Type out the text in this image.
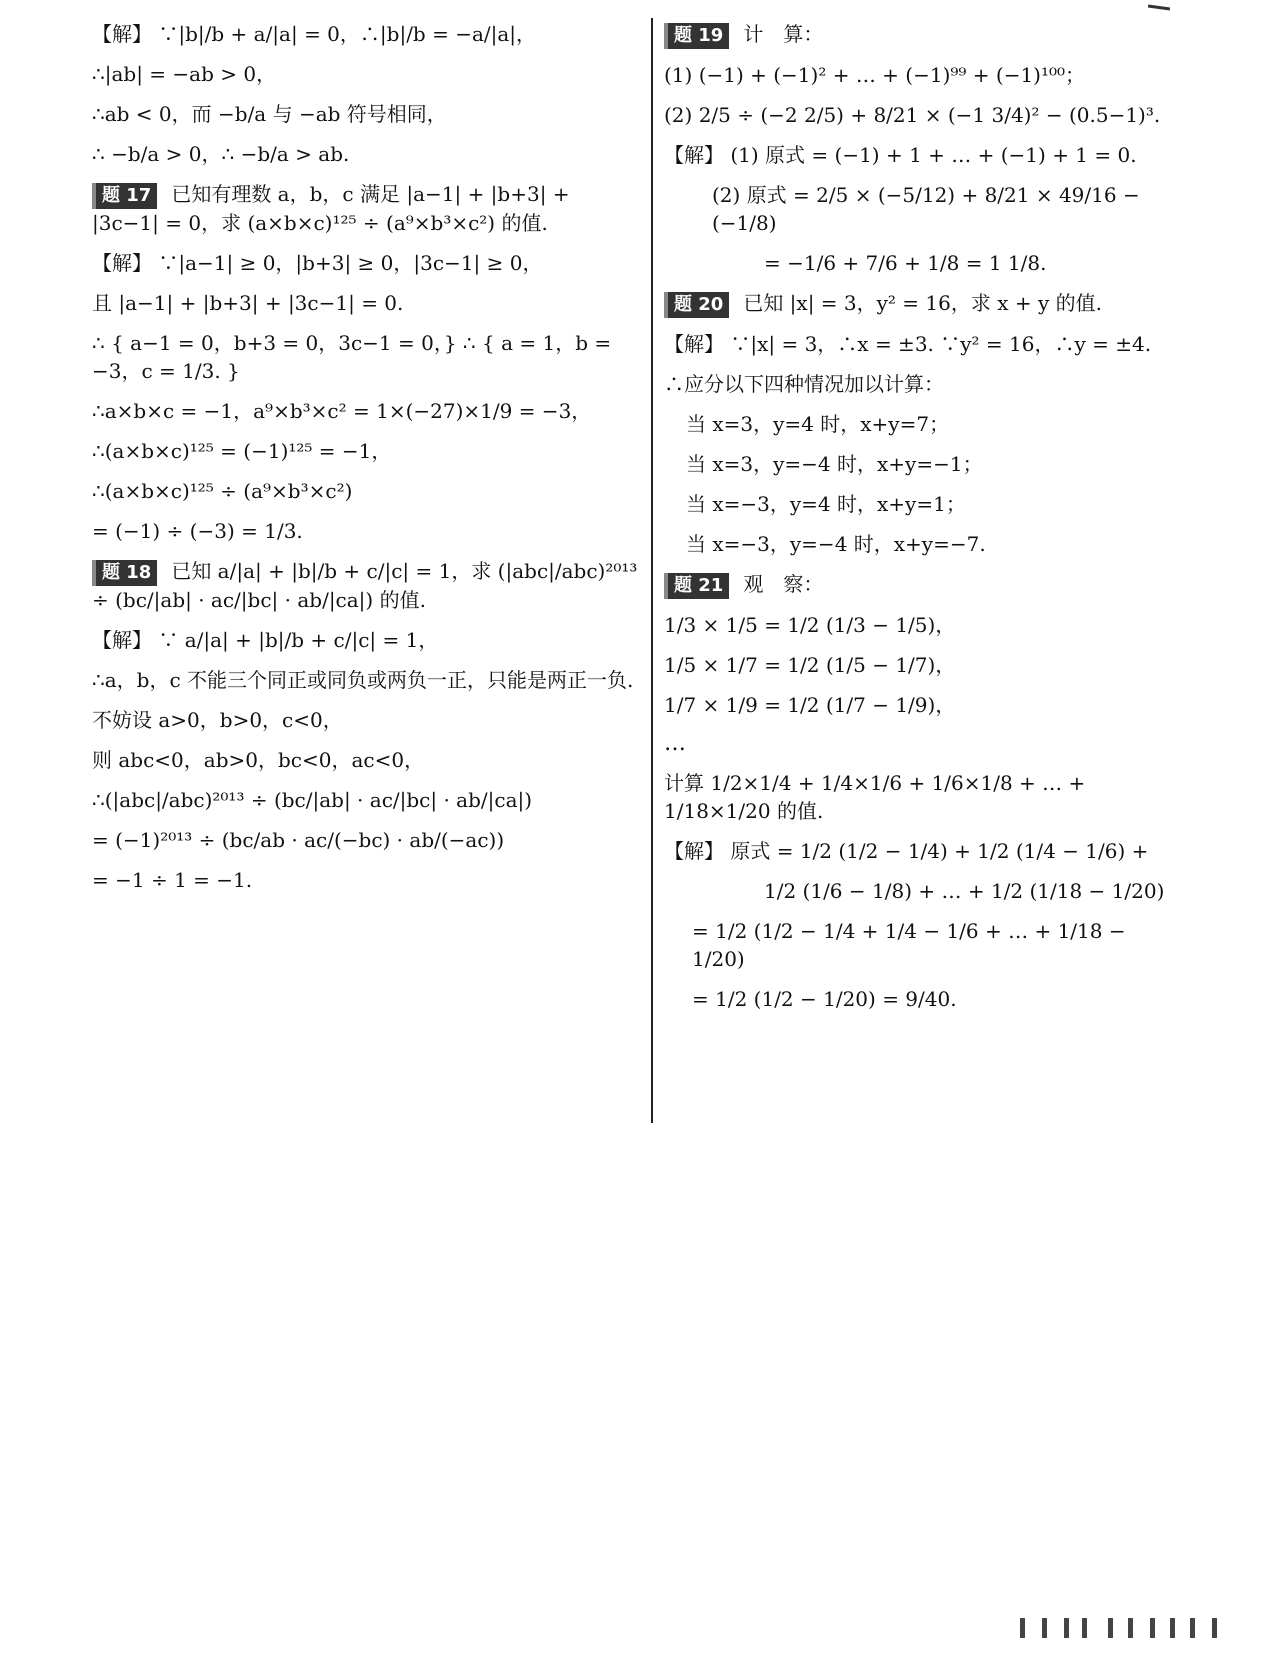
【解】 ∵|b|/b + a/|a| = 0，∴|b|/b = −a/|a|，

∴|ab| = −ab > 0，

∴ab < 0，而 −b/a 与 −ab 符号相同，

∴ −b/a > 0，∴ −b/a > ab.

题 17 已知有理数 a，b，c 满足 |a−1| + |b+3| + |3c−1| = 0，求 (a×b×c)¹²⁵ ÷ (a⁹×b³×c²) 的值.

【解】 ∵|a−1| ≥ 0，|b+3| ≥ 0，|3c−1| ≥ 0，

且 |a−1| + |b+3| + |3c−1| = 0.

∴ { a−1 = 0，b+3 = 0，3c−1 = 0，} ∴ { a = 1，b = −3，c = 1/3. }

∴a×b×c = −1，a⁹×b³×c² = 1×(−27)×1/9 = −3，

∴(a×b×c)¹²⁵ = (−1)¹²⁵ = −1，

∴(a×b×c)¹²⁵ ÷ (a⁹×b³×c²)

= (−1) ÷ (−3) = 1/3.

题 18 已知 a/|a| + |b|/b + c/|c| = 1，求 (|abc|/abc)²⁰¹³ ÷ (bc/|ab| · ac/|bc| · ab/|ca|) 的值.

【解】 ∵ a/|a| + |b|/b + c/|c| = 1，

∴a，b，c 不能三个同正或同负或两负一正，只能是两正一负.

不妨设 a>0，b>0，c<0，

则 abc<0，ab>0，bc<0，ac<0，

∴(|abc|/abc)²⁰¹³ ÷ (bc/|ab| · ac/|bc| · ab/|ca|)

= (−1)²⁰¹³ ÷ (bc/ab · ac/(−bc) · ab/(−ac))

= −1 ÷ 1 = −1.

题 19 计　算：

(1) (−1) + (−1)² + … + (−1)⁹⁹ + (−1)¹⁰⁰；

(2) 2/5 ÷ (−2 2/5) + 8/21 × (−1 3/4)² − (0.5−1)³.

【解】 (1) 原式 = (−1) + 1 + … + (−1) + 1 = 0.

(2) 原式 = 2/5 × (−5/12) + 8/21 × 49/16 − (−1/8)

= −1/6 + 7/6 + 1/8 = 1 1/8.

题 20 已知 |x| = 3，y² = 16，求 x + y 的值.

【解】 ∵|x| = 3，∴x = ±3. ∵y² = 16，∴y = ±4.

∴应分以下四种情况加以计算：

当 x=3，y=4 时，x+y=7；

当 x=3，y=−4 时，x+y=−1；

当 x=−3，y=4 时，x+y=1；

当 x=−3，y=−4 时，x+y=−7.

题 21 观　察：

1/3 × 1/5 = 1/2 (1/3 − 1/5)，

1/5 × 1/7 = 1/2 (1/5 − 1/7)，

1/7 × 1/9 = 1/2 (1/7 − 1/9)，

…

计算 1/2×1/4 + 1/4×1/6 + 1/6×1/8 + … + 1/18×1/20 的值.

【解】 原式 = 1/2 (1/2 − 1/4) + 1/2 (1/4 − 1/6) +

1/2 (1/6 − 1/8) + … + 1/2 (1/18 − 1/20)

= 1/2 (1/2 − 1/4 + 1/4 − 1/6 + … + 1/18 − 1/20)

= 1/2 (1/2 − 1/20) = 9/40.
